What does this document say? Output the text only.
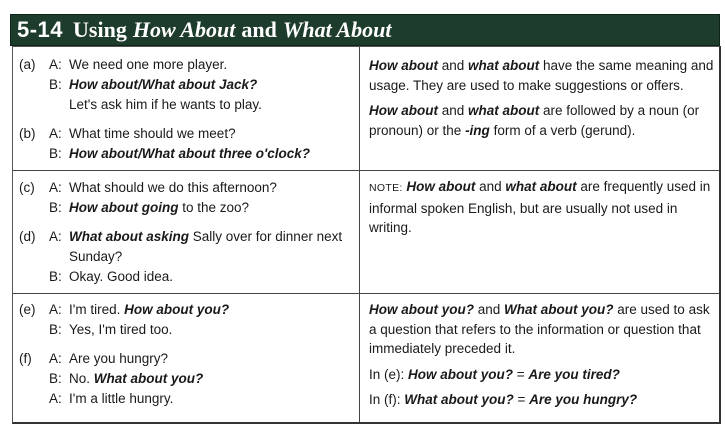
5-14 Using How About and What About
(a) A: We need one more player.
B: How about/What about Jack?
Let's ask him if he wants to play.
(b) A: What time should we meet?
B: How about/What about three o'clock?
(c) A: What should we do this afternoon?
B: How about going to the zoo?
(d) A: What about asking Sally over for dinner next
Sunday?
B: Okay. Good idea.
(e) A: I'm tired. How about you?
B: Yes, I'm tired too.
(f) A: Are you hungry?
B: No. What about you?
A: I'm a little hungry.
How about and what about have the same meaning and usage. They are used to make suggestions or offers.
How about and what about are followed by a noun (or pronoun) or the -ing form of a verb (gerund).
NOTE: How about and what about are frequently used in informal spoken English, but are usually not used in writing.
How about you? and What about you? are used to ask a question that refers to the information or question that immediately preceded it.
In (e): How about you? = Are you tired?
In (f): What about you? = Are you hungry?
